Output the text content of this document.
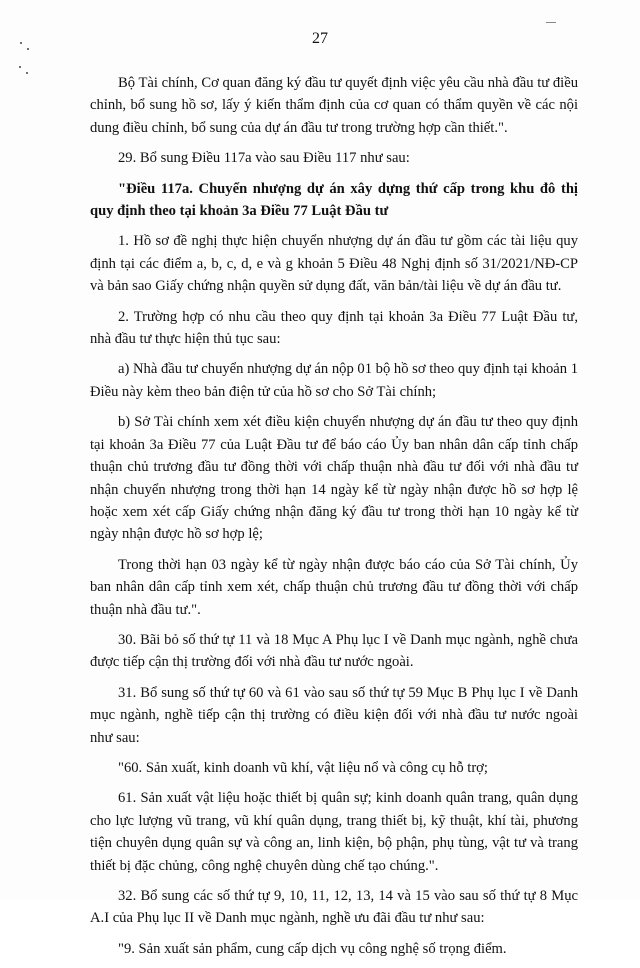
27

Bộ Tài chính, Cơ quan đăng ký đầu tư quyết định việc yêu cầu nhà đầu tư điều chỉnh, bổ sung hồ sơ, lấy ý kiến thẩm định của cơ quan có thẩm quyền về các nội dung điều chỉnh, bổ sung của dự án đầu tư trong trường hợp cần thiết.".

29. Bổ sung Điều 117a vào sau Điều 117 như sau:

"Điều 117a. Chuyển nhượng dự án xây dựng thứ cấp trong khu đô thị quy định theo tại khoản 3a Điều 77 Luật Đầu tư

1. Hồ sơ đề nghị thực hiện chuyển nhượng dự án đầu tư gồm các tài liệu quy định tại các điểm a, b, c, d, e và g khoản 5 Điều 48 Nghị định số 31/2021/NĐ-CP và bản sao Giấy chứng nhận quyền sử dụng đất, văn bản/tài liệu về dự án đầu tư.

2. Trường hợp có nhu cầu theo quy định tại khoản 3a Điều 77 Luật Đầu tư, nhà đầu tư thực hiện thủ tục sau:

a) Nhà đầu tư chuyển nhượng dự án nộp 01 bộ hồ sơ theo quy định tại khoản 1 Điều này kèm theo bản điện tử của hồ sơ cho Sở Tài chính;

b) Sở Tài chính xem xét điều kiện chuyển nhượng dự án đầu tư theo quy định tại khoản 3a Điều 77 của Luật Đầu tư để báo cáo Ủy ban nhân dân cấp tỉnh chấp thuận chủ trương đầu tư đồng thời với chấp thuận nhà đầu tư đối với nhà đầu tư nhận chuyển nhượng trong thời hạn 14 ngày kể từ ngày nhận được hồ sơ hợp lệ hoặc xem xét cấp Giấy chứng nhận đăng ký đầu tư trong thời hạn 10 ngày kể từ ngày nhận được hồ sơ hợp lệ;

Trong thời hạn 03 ngày kể từ ngày nhận được báo cáo của Sở Tài chính, Ủy ban nhân dân cấp tỉnh xem xét, chấp thuận chủ trương đầu tư đồng thời với chấp thuận nhà đầu tư.".

30. Bãi bỏ số thứ tự 11 và 18 Mục A Phụ lục I về Danh mục ngành, nghề chưa được tiếp cận thị trường đối với nhà đầu tư nước ngoài.

31. Bổ sung số thứ tự 60 và 61 vào sau số thứ tự 59 Mục B Phụ lục I về Danh mục ngành, nghề tiếp cận thị trường có điều kiện đối với nhà đầu tư nước ngoài như sau:

"60. Sản xuất, kinh doanh vũ khí, vật liệu nổ và công cụ hỗ trợ;

61. Sản xuất vật liệu hoặc thiết bị quân sự; kinh doanh quân trang, quân dụng cho lực lượng vũ trang, vũ khí quân dụng, trang thiết bị, kỹ thuật, khí tài, phương tiện chuyên dụng quân sự và công an, linh kiện, bộ phận, phụ tùng, vật tư và trang thiết bị đặc chủng, công nghệ chuyên dùng chế tạo chúng.".

32. Bổ sung các số thứ tự 9, 10, 11, 12, 13, 14 và 15 vào sau số thứ tự 8 Mục A.I của Phụ lục II về Danh mục ngành, nghề ưu đãi đầu tư như sau:

"9. Sản xuất sản phẩm, cung cấp dịch vụ công nghệ số trọng điểm.
